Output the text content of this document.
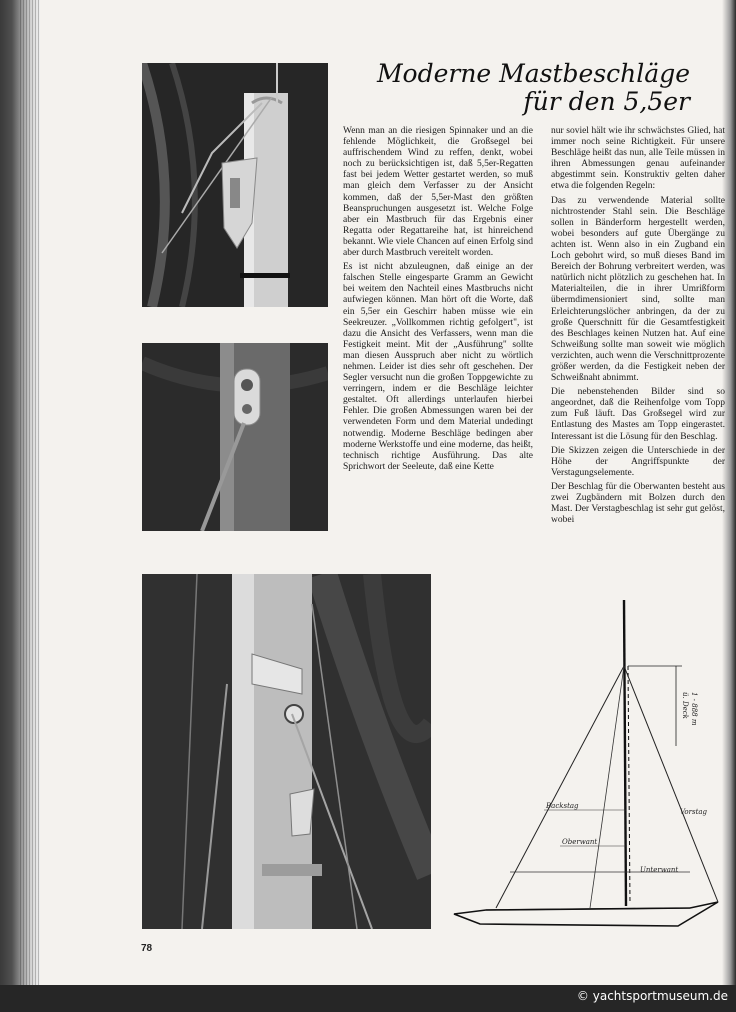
Moderne Mastbeschläge
für den 5,5er

Wenn man an die riesigen Spinnaker und an die fehlende Möglichkeit, die Großsegel bei auffrischendem Wind zu reffen, denkt, wobei noch zu berücksichtigen ist, daß 5,5er-Regatten fast bei jedem Wetter gestartet werden, so muß man gleich dem Verfasser zu der Ansicht kommen, daß der 5,5er-Mast den größten Beanspruchungen ausgesetzt ist. Welche Folge aber ein Mastbruch für das Ergebnis einer Regatta oder Regattareihe hat, ist hinreichend bekannt. Wie viele Chancen auf einen Erfolg sind aber durch Mastbruch vereitelt worden.

Es ist nicht abzuleugnen, daß einige an der falschen Stelle eingesparte Gramm an Gewicht bei weitem den Nachteil eines Mastbruchs nicht aufwiegen können. Man hört oft die Worte, daß ein 5,5er ein Geschirr haben müsse wie ein Seekreuzer. „Vollkommen richtig gefolgert", ist dazu die Ansicht des Verfassers, wenn man die Festigkeit meint. Mit der „Ausführung" sollte man diesen Ausspruch aber nicht zu wörtlich nehmen. Leider ist dies sehr oft geschehen. Der Segler versucht nun die großen Toppgewichte zu verringern, indem er die Beschläge leichter gestaltet. Oft allerdings unterlaufen hierbei Fehler. Die großen Abmessungen waren bei der verwendeten Form und dem Material undedingt notwendig. Moderne Beschläge bedingen aber moderne Werkstoffe und eine moderne, das heißt, technisch richtige Ausführung. Das alte Sprichwort der Seeleute, daß eine Kette

nur soviel hält wie ihr schwächstes Glied, hat immer noch seine Richtigkeit. Für unsere Beschläge heißt das nun, alle Teile müssen in ihren Abmessungen genau aufeinander abgestimmt sein. Konstruktiv gelten daher etwa die folgenden Regeln:

Das zu verwendende Material sollte nichtrostender Stahl sein. Die Beschläge sollen in Bänderform hergestellt werden, wobei besonders auf gute Übergänge zu achten ist. Wenn also in ein Zugband ein Loch gebohrt wird, so muß dieses Band im Bereich der Bohrung verbreitert werden, was natürlich nicht plötzlich zu geschehen hat. In Materialteilen, die in ihrer Umrißform übermdimensioniert sind, sollte man Erleichterungslöcher anbringen, da der zu große Querschnitt für die Gesamtfestigkeit des Beschlages keinen Nutzen hat. Auf eine Schweißung sollte man soweit wie möglich verzichten, auch wenn die Verschnittprozente größer werden, da die Festigkeit neben der Schweißnaht abnimmt.

Die nebenstehenden Bilder sind so angeordnet, daß die Reihenfolge vom Topp zum Fuß läuft. Das Großsegel wird zur Entlastung des Mastes am Topp eingerastet. Interessant ist die Lösung für den Beschlag.

Die Skizzen zeigen die Unterschiede in der Höhe der Angriffspunkte der Verstagungselemente.

Der Beschlag für die Oberwanten besteht aus zwei Zugbändern mit Bolzen durch den Mast. Der Verstagbeschlag ist sehr gut gelöst, wobei

1 - 888 m
ü. Deck
Backstag
Oberwant
Unterwant
Vorstag
78
© yachtsportmuseum.de
